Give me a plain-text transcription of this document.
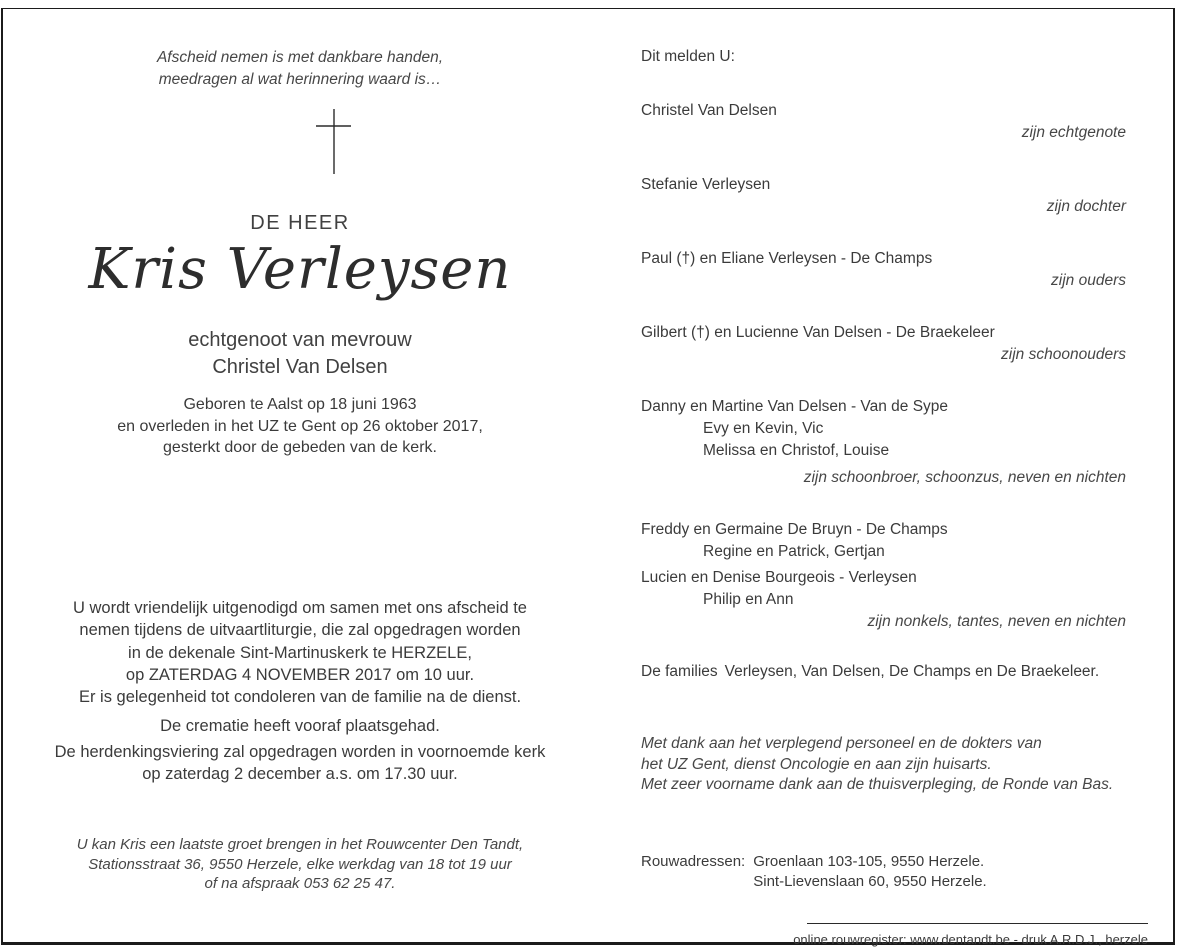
Afscheid nemen is met dankbare handen,
meedragen al wat herinnering waard is…
DE HEER
Kris Verleysen
echtgenoot van mevrouw
Christel Van Delsen
Geboren te Aalst op 18 juni 1963
en overleden in het UZ te Gent op 26 oktober 2017,
gesterkt door de gebeden van de kerk.
U wordt vriendelijk uitgenodigd om samen met ons afscheid te
nemen tijdens de uitvaartliturgie, die zal opgedragen worden
in de dekenale Sint-Martinuskerk te HERZELE,
op ZATERDAG 4 NOVEMBER 2017 om 10 uur.
Er is gelegenheid tot condoleren van de familie na de dienst.
De crematie heeft vooraf plaatsgehad.
De herdenkingsviering zal opgedragen worden in voornoemde kerk
op zaterdag 2 december a.s. om 17.30 uur.
U kan Kris een laatste groet brengen in het Rouwcenter Den Tandt,
Stationsstraat 36, 9550 Herzele, elke werkdag van 18 tot 19 uur
of na afspraak 053 62 25 47.
Dit melden U:
Christel Van Delsen
zijn echtgenote
Stefanie Verleysen
zijn dochter
Paul (†) en Eliane Verleysen - De Champs
zijn ouders
Gilbert (†) en Lucienne Van Delsen - De Braekeleer
zijn schoonouders
Danny en Martine Van Delsen - Van de Sype
Evy en Kevin, Vic
Melissa en Christof, Louise
zijn schoonbroer, schoonzus, neven en nichten
Freddy en Germaine De Bruyn - De Champs
Regine en Patrick, Gertjan
Lucien en Denise Bourgeois - Verleysen
Philip en Ann
zijn nonkels, tantes, neven en nichten
De families Verleysen, Van Delsen, De Champs en De Braekeleer.
Met dank aan het verplegend personeel en de dokters van
het UZ Gent, dienst Oncologie en aan zijn huisarts.
Met zeer voorname dank aan de thuisverpleging, de Ronde van Bas.
Rouwadressen: Groenlaan 103-105, 9550 Herzele.
Sint-Lievenslaan 60, 9550 Herzele.
online rouwregister: www.dentandt.be - druk A.R.D.J., herzele
